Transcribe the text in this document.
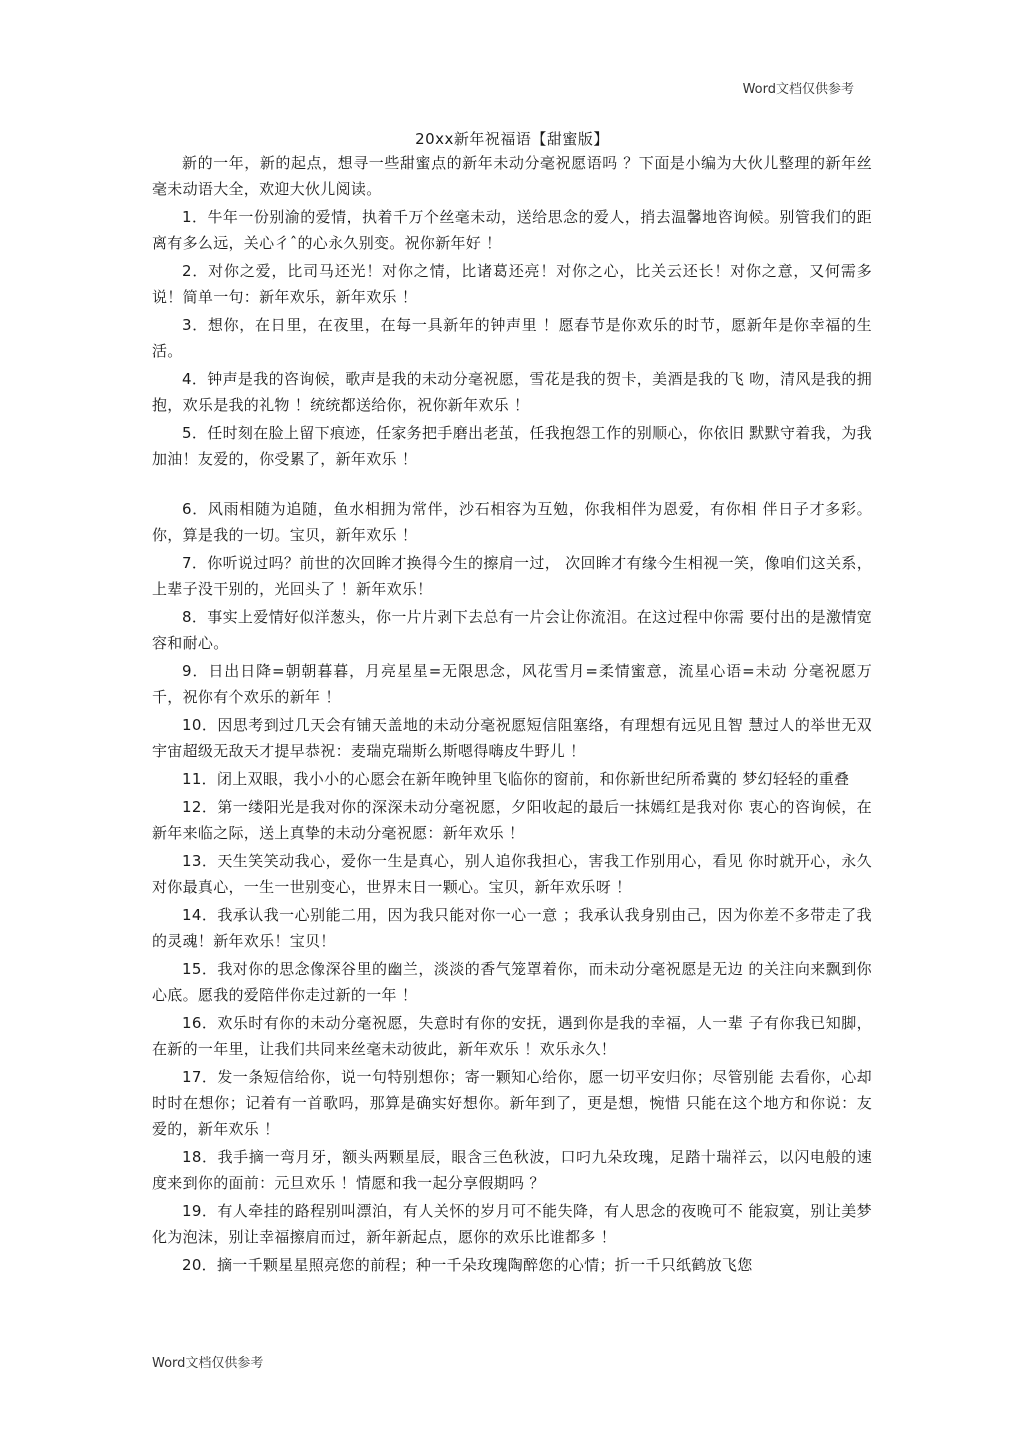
Word文档仅供参考
20xx新年祝福语【甜蜜版】

新的一年，新的起点，想寻一些甜蜜点的新年未动分毫祝愿语吗 ？下面是小编为大伙儿整理的新年丝毫未动语大全，欢迎大伙儿阅读。

1．牛年一份别渝的爱情，执着千万个丝毫未动，送给思念的爱人，捎去温馨地咨询候。别管我们的距离有多么远，关心彳ˆ的心永久别变。祝你新年好 ！

2．对你之爱，比司马还光！对你之情，比诸葛还亮！对你之心，比关云还长！对你之意，又何需多说！简单一句：新年欢乐，新年欢乐 ！

3．想你，在日里，在夜里，在每一具新年的钟声里 ！愿春节是你欢乐的时节，愿新年是你幸福的生活。

4．钟声是我的咨询候，歌声是我的未动分毫祝愿，雪花是我的贺卡，美酒是我的飞 吻，清风是我的拥抱，欢乐是我的礼物 ！统统都送给你，祝你新年欢乐 ！

5．任时刻在脸上留下痕迹，任家务把手磨出老茧，任我抱怨工作的别顺心，你依旧 默默守着我，为我加油！友爱的，你受累了，新年欢乐 ！

6．风雨相随为追随，鱼水相拥为常伴，沙石相容为互勉，你我相伴为恩爱，有你相 伴日子才多彩。你，算是我的一切。宝贝，新年欢乐 ！

7．你听说过吗？前世的次回眸才换得今生的擦肩一过， 次回眸才有缘今生相视一笑，像咱们这关系，上辈子没干别的，光回头了 ！新年欢乐！

8．事实上爱情好似洋葱头，你一片片剥下去总有一片会让你流泪。在这过程中你需 要付出的是激情宽容和耐心。

9．日出日降=朝朝暮暮，月亮星星=无限思念，风花雪月=柔情蜜意，流星心语=未动 分毫祝愿万千，祝你有个欢乐的新年 ！

10．因思考到过几天会有铺天盖地的未动分毫祝愿短信阻塞络，有理想有远见且智 慧过人的举世无双宇宙超级无敌天才提早恭祝：麦瑞克瑞斯么斯嗯得嗨皮牛野儿 ！

11．闭上双眼，我小小的心愿会在新年晚钟里飞临你的窗前，和你新世纪所希冀的 梦幻轻轻的重叠

12．第一缕阳光是我对你的深深未动分毫祝愿，夕阳收起的最后一抹嫣红是我对你 衷心的咨询候，在新年来临之际，送上真挚的未动分毫祝愿：新年欢乐 ！

13．天生笑笑动我心，爱你一生是真心，别人追你我担心，害我工作别用心，看见 你时就开心，永久对你最真心，一生一世别变心，世界末日一颗心。宝贝，新年欢乐呀 ！

14．我承认我一心别能二用，因为我只能对你一心一意 ；我承认我身别由己，因为你差不多带走了我的灵魂！新年欢乐！宝贝！

15．我对你的思念像深谷里的幽兰，淡淡的香气笼罩着你，而未动分毫祝愿是无边 的关注向来飘到你心底。愿我的爱陪伴你走过新的一年 ！

16．欢乐时有你的未动分毫祝愿，失意时有你的安抚，遇到你是我的幸福，人一辈 子有你我已知脚，在新的一年里，让我们共同来丝毫未动彼此，新年欢乐 ！欢乐永久！

17．发一条短信给你，说一句特别想你；寄一颗知心给你，愿一切平安归你；尽管别能 去看你，心却时时在想你；记着有一首歌吗，那算是确实好想你。新年到了，更是想，惋惜 只能在这个地方和你说：友爱的，新年欢乐 ！

18．我手摘一弯月牙，额头两颗星辰，眼含三色秋波，口叼九朵玫瑰，足踏十瑞祥云，以闪电般的速度来到你的面前：元旦欢乐 ！情愿和我一起分享假期吗 ？

19．有人牵挂的路程别叫漂泊，有人关怀的岁月可不能失降，有人思念的夜晚可不 能寂寞，别让美梦化为泡沫，别让幸福擦肩而过，新年新起点，愿你的欢乐比谁都多 ！

20．摘一千颗星星照亮您的前程；种一千朵玫瑰陶醉您的心情；折一千只纸鹤放飞您

Word文档仅供参考
